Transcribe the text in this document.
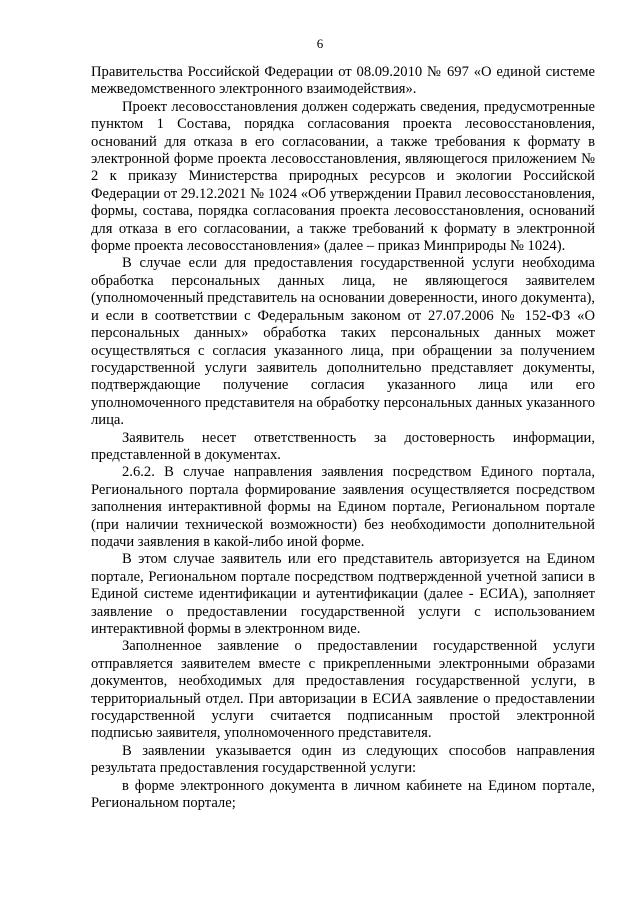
6

Правительства Российской Федерации от 08.09.2010 № 697 «О единой системе межведомственного электронного взаимодействия».

Проект лесовосстановления должен содержать сведения, предусмотренные пунктом 1 Состава, порядка согласования проекта лесовосстановления, оснований для отказа в его согласовании, а также требования к формату в электронной форме проекта лесовосстановления, являющегося приложением № 2 к приказу Министерства природных ресурсов и экологии Российской Федерации от 29.12.2021 № 1024 «Об утверждении Правил лесовосстановления, формы, состава, порядка согласования проекта лесовосстановления, оснований для отказа в его согласовании, а также требований к формату в электронной форме проекта лесовосстановления» (далее – приказ Минприроды № 1024).

В случае если для предоставления государственной услуги необходима обработка персональных данных лица, не являющегося заявителем (уполномоченный представитель на основании доверенности, иного документа), и если в соответствии с Федеральным законом от 27.07.2006 № 152-ФЗ «О персональных данных» обработка таких персональных данных может осуществляться с согласия указанного лица, при обращении за получением государственной услуги заявитель дополнительно представляет документы, подтверждающие получение согласия указанного лица или его уполномоченного представителя на обработку персональных данных указанного лица.

Заявитель несет ответственность за достоверность информации, представленной в документах.

2.6.2. В случае направления заявления посредством Единого портала, Регионального портала формирование заявления осуществляется посредством заполнения интерактивной формы на Едином портале, Региональном портале (при наличии технической возможности) без необходимости дополнительной подачи заявления в какой-либо иной форме.

В этом случае заявитель или его представитель авторизуется на Едином портале, Региональном портале посредством подтвержденной учетной записи в Единой системе идентификации и аутентификации (далее - ЕСИА), заполняет заявление о предоставлении государственной услуги с использованием интерактивной формы в электронном виде.

Заполненное заявление о предоставлении государственной услуги отправляется заявителем вместе с прикрепленными электронными образами документов, необходимых для предоставления государственной услуги, в территориальный отдел. При авторизации в ЕСИА заявление о предоставлении государственной услуги считается подписанным простой электронной подписью заявителя, уполномоченного представителя.

В заявлении указывается один из следующих способов направления результата предоставления государственной услуги:

в форме электронного документа в личном кабинете на Едином портале, Региональном портале;
